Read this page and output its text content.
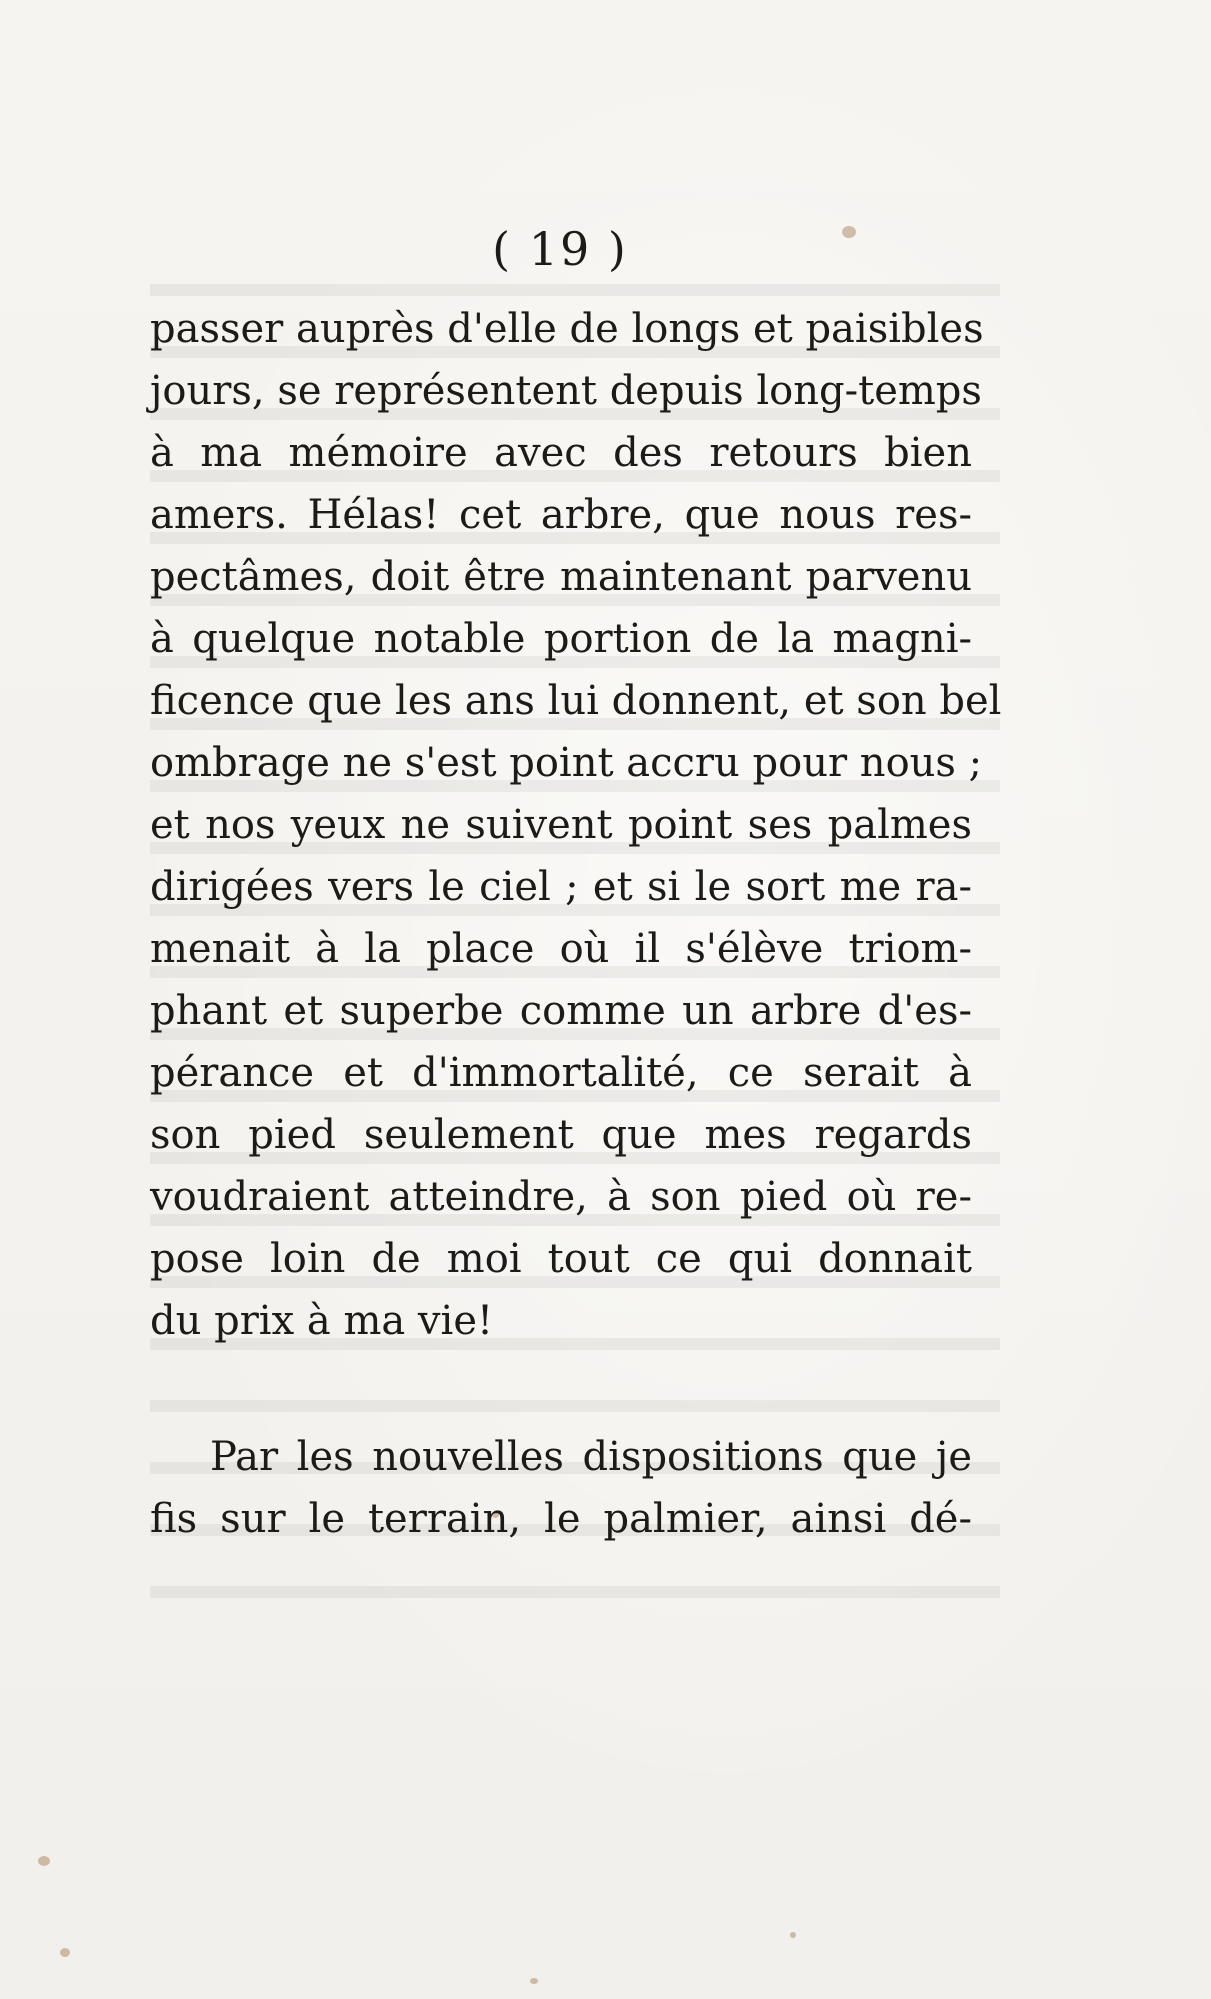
( 19 )
passer auprès d'elle de longs et paisibles
jours, se représentent depuis long-temps
à ma mémoire avec des retours bien
amers. Hélas! cet arbre, que nous res-
pectâmes, doit être maintenant parvenu
à quelque notable portion de la magni-
ficence que les ans lui donnent, et son bel
ombrage ne s'est point accru pour nous ;
et nos yeux ne suivent point ses palmes
dirigées vers le ciel ; et si le sort me ra-
menait à la place où il s'élève triom-
phant et superbe comme un arbre d'es-
pérance et d'immortalité, ce serait à
son pied seulement que mes regards
voudraient atteindre, à son pied où re-
pose loin de moi tout ce qui donnait
du prix à ma vie!
Par les nouvelles dispositions que je
fis sur le terrain, le palmier, ainsi dé-
